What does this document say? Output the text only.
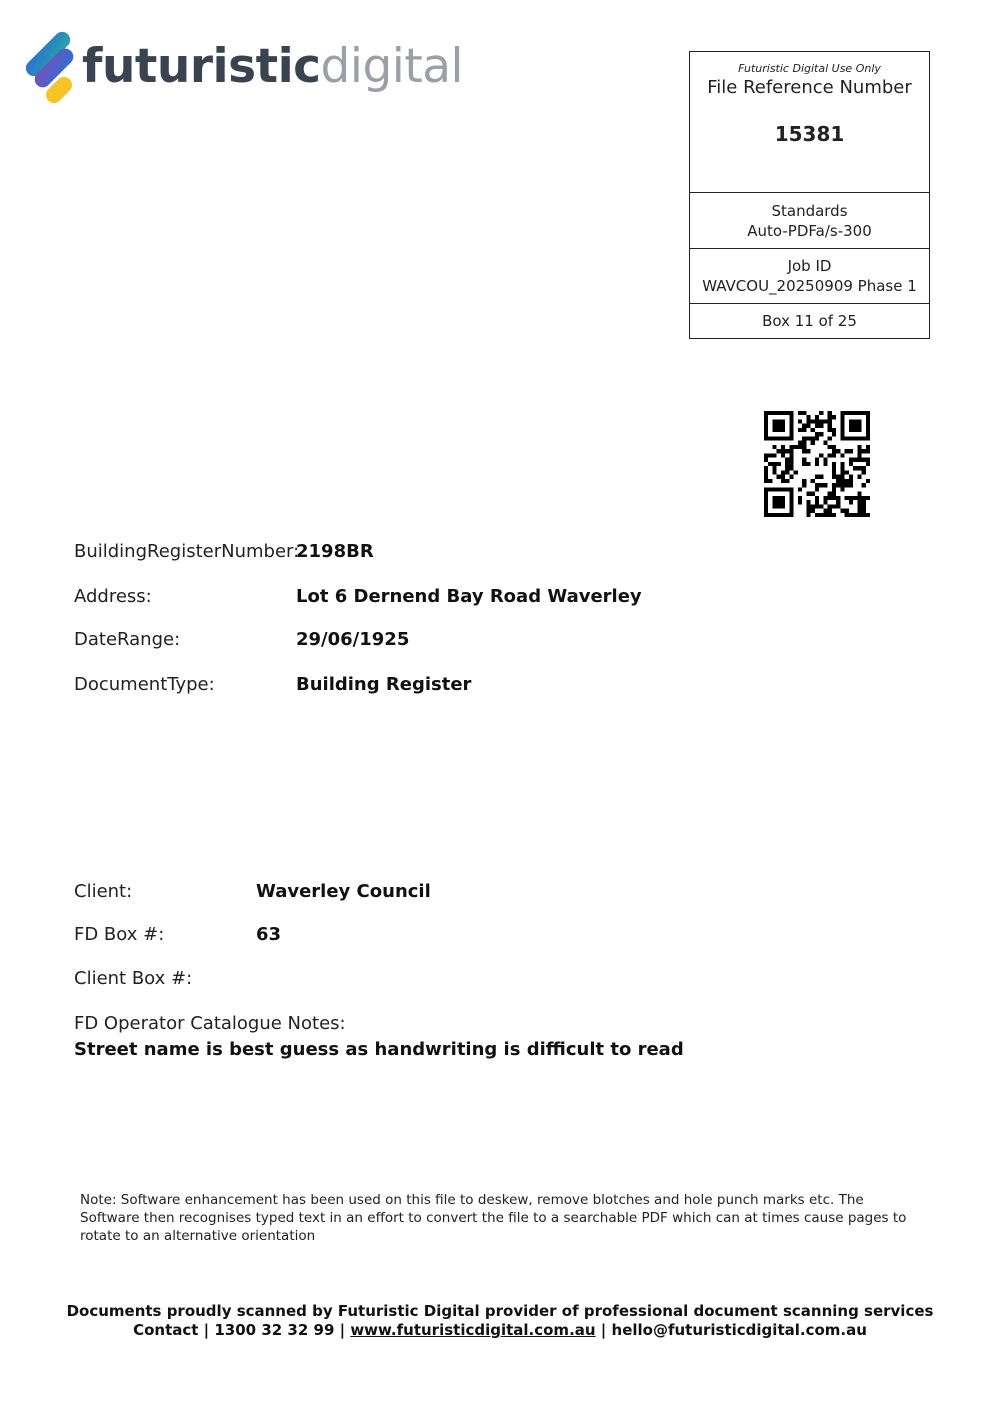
futuristicdigital	Futuristic Digital Use Only
File Reference Number
15381
Standards
Auto-PDFa/s-300
Job ID
WAVCOU_20250909 Phase 1
Box 11 of 25
BuildingRegisterNumber:
2198BR
Address:	Lot 6 Dernend Bay Road Waverley
DateRange:	29/06/1925
DocumentType:	Building Register
Client:	Waverley Council
FD Box #:	63
Client Box #:
FD Operator Catalogue Notes:
Street name is best guess as handwriting is difficult to read
Note: Software enhancement has been used on this file to deskew, remove blotches and hole punch marks etc. The Software then recognises typed text in an effort to convert the file to a searchable PDF which can at times cause pages to rotate to an alternative orientation
Documents proudly scanned by Futuristic Digital provider of professional document scanning services
Contact | 1300 32 32 99 | www.futuristicdigital.com.au | hello@futuristicdigital.com.au
